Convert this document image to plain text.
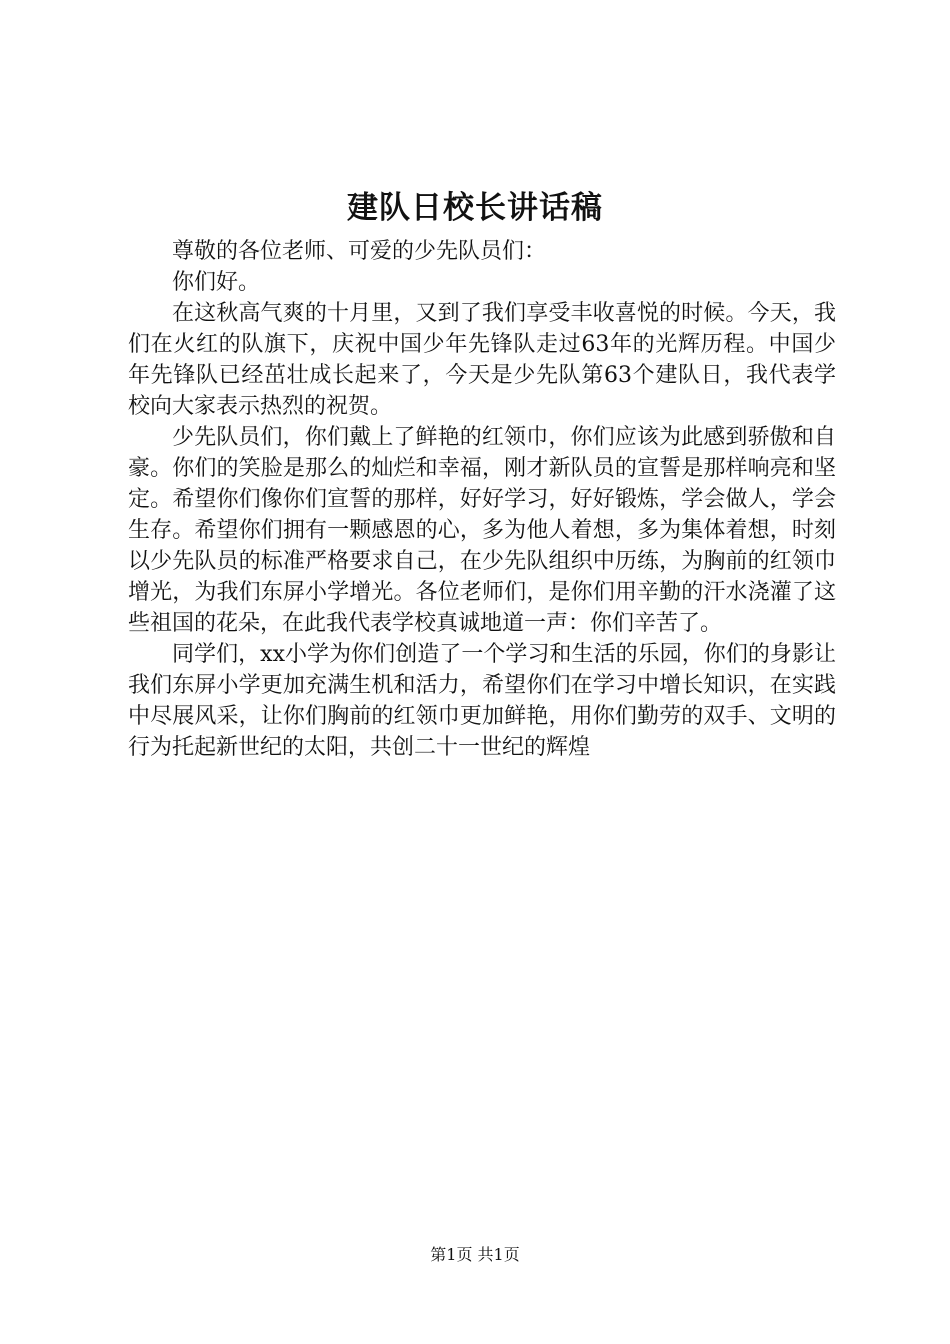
建队日校长讲话稿

尊敬的各位老师、可爱的少先队员们：

你们好。

在这秋高气爽的十月里，又到了我们享受丰收喜悦的时候。今天，我们在火红的队旗下，庆祝中国少年先锋队走过63年的光辉历程。中国少年先锋队已经茁壮成长起来了，今天是少先队第63个建队日，我代表学校向大家表示热烈的祝贺。

少先队员们，你们戴上了鲜艳的红领巾，你们应该为此感到骄傲和自豪。你们的笑脸是那么的灿烂和幸福，刚才新队员的宣誓是那样响亮和坚定。希望你们像你们宣誓的那样，好好学习，好好锻炼，学会做人，学会生存。希望你们拥有一颗感恩的心，多为他人着想，多为集体着想，时刻以少先队员的标准严格要求自己，在少先队组织中历练，为胸前的红领巾增光，为我们东屏小学增光。各位老师们，是你们用辛勤的汗水浇灌了这些祖国的花朵，在此我代表学校真诚地道一声：你们辛苦了。

同学们，xx小学为你们创造了一个学习和生活的乐园，你们的身影让我们东屏小学更加充满生机和活力，希望你们在学习中增长知识，在实践中尽展风采，让你们胸前的红领巾更加鲜艳，用你们勤劳的双手、文明的行为托起新世纪的太阳，共创二十一世纪的辉煌

第1页 共1页
